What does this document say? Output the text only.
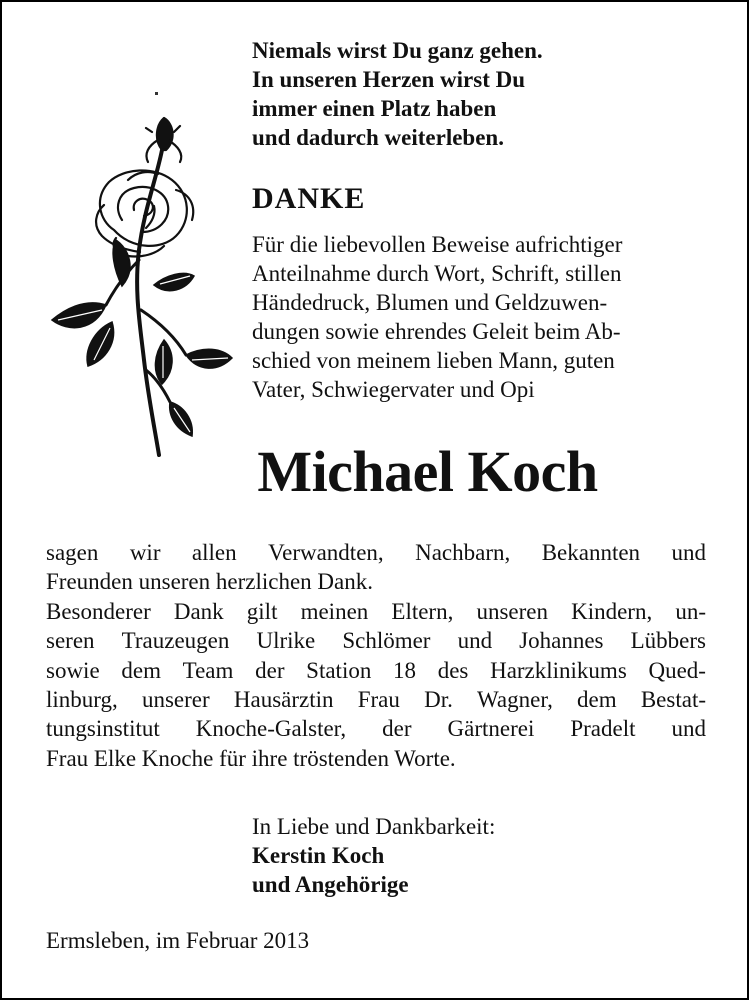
Niemals wirst Du ganz gehen.
In unseren Herzen wirst Du
immer einen Platz haben
und dadurch weiterleben.
DANKE
Für die liebevollen Beweise aufrichtiger
Anteilnahme durch Wort, Schrift, stillen
Händedruck, Blumen und Geldzuwen-
dungen sowie ehrendes Geleit beim Ab-
schied von meinem lieben Mann, guten
Vater, Schwiegervater und Opi
Michael Koch
sagen wir allen Verwandten, Nachbarn, Bekannten und
Freunden unseren herzlichen Dank.
Besonderer Dank gilt meinen Eltern, unseren Kindern, un-
seren Trauzeugen Ulrike Schlömer und Johannes Lübbers
sowie dem Team der Station 18 des Harzklinikums Qued-
linburg, unserer Hausärztin Frau Dr. Wagner, dem Bestat-
tungsinstitut Knoche-Galster, der Gärtnerei Pradelt und
Frau Elke Knoche für ihre tröstenden Worte.
In Liebe und Dankbarkeit:
Kerstin Koch
und Angehörige
Ermsleben, im Februar 2013
